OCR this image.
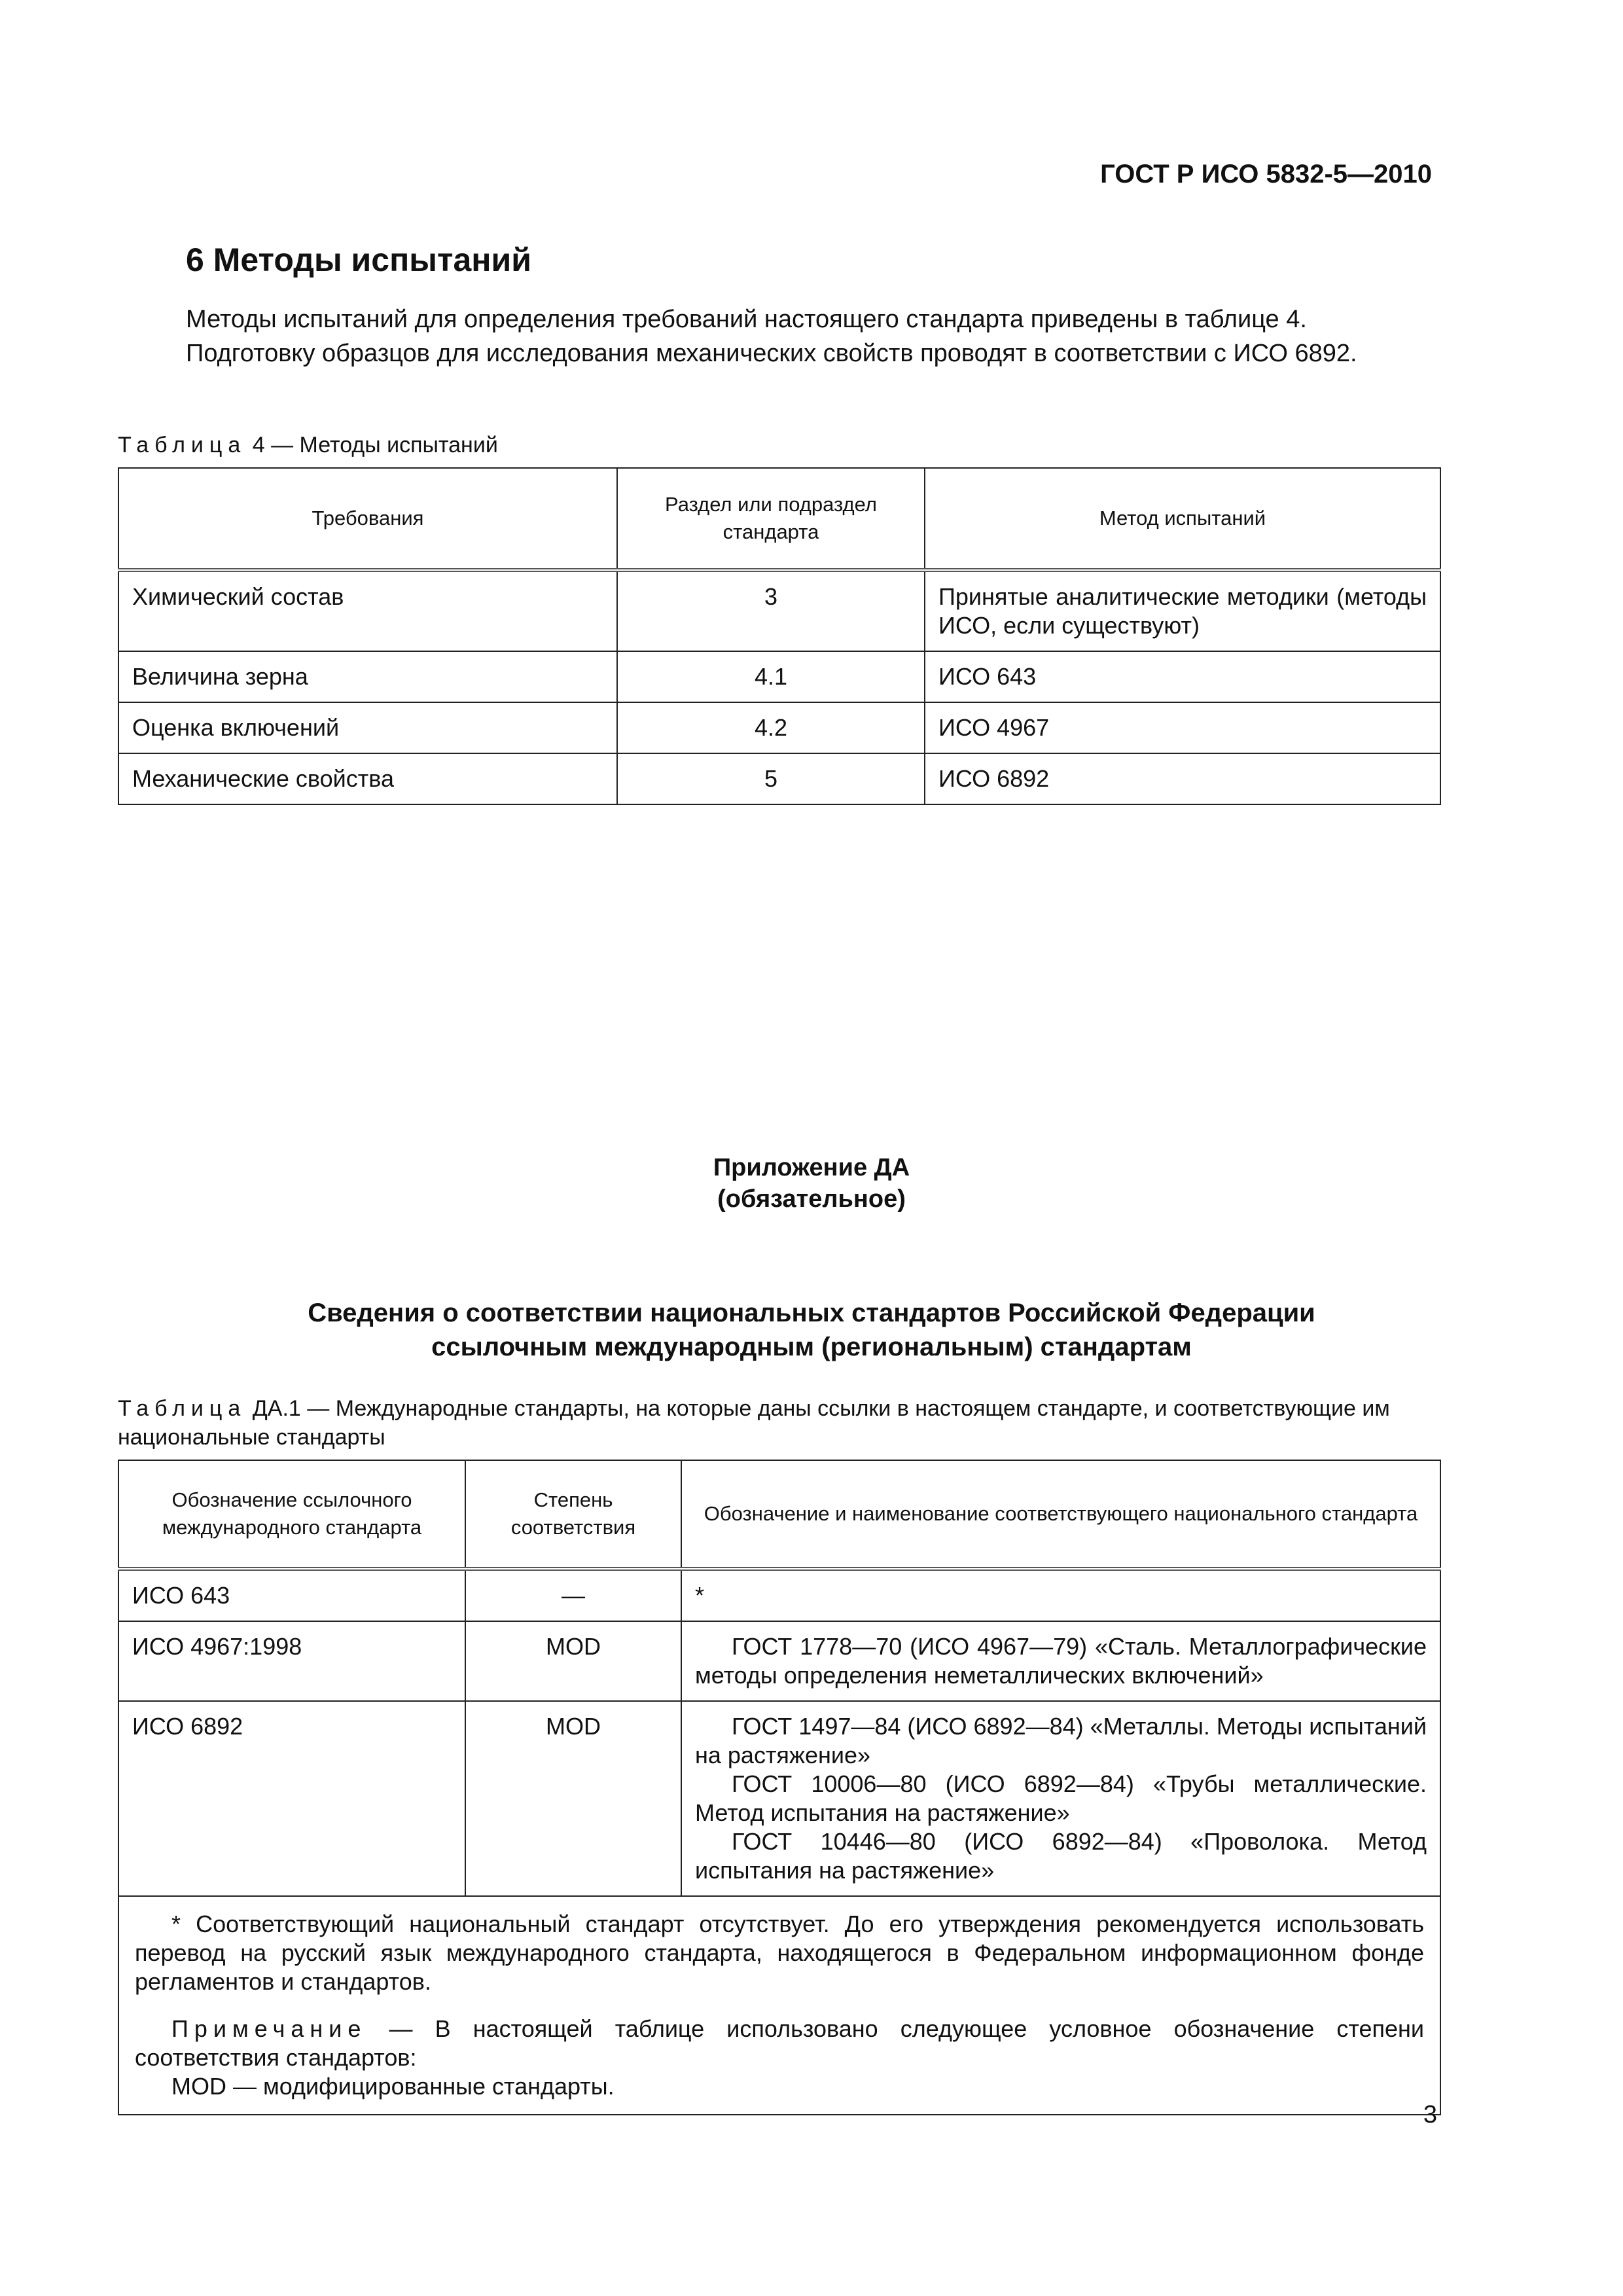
ГОСТ Р ИСО 5832-5—2010

6 Методы испытаний

Методы испытаний для определения требований настоящего стандарта приведены в таблице 4.

Подготовку образцов для исследования механических свойств проводят в соответствии с ИСО 6892.

Таблица 4 — Методы испытаний

Требования	Раздел или подраздел стандарта	Метод испытаний
Химический состав	3	Принятые аналитические методики (методы ИСО, если существуют)
Величина зерна	4.1	ИСО 643
Оценка включений	4.2	ИСО 4967
Механические свойства	5	ИСО 6892
Приложение ДА
(обязательное)
Сведения о соответствии национальных стандартов Российской Федерации
ссылочным международным (региональным) стандартам

Таблица ДА.1 — Международные стандарты, на которые даны ссылки в настоящем стандарте, и соответствующие им национальные стандарты

Обозначение ссылочного международного стандарта	Степень соответствия	Обозначение и наименование соответствующего национального стандарта
ИСО 643	—	*
ИСО 4967:1998	MOD	ГОСТ 1778—70 (ИСО 4967—79) «Сталь. Металлографические методы определения неметаллических включений»

ИСО 6892	MOD	ГОСТ 1497—84 (ИСО 6892—84) «Металлы. Методы испытаний на растяжение»

ГОСТ 10006—80 (ИСО 6892—84) «Трубы металлические. Метод испытания на растяжение»

ГОСТ 10446—80 (ИСО 6892—84) «Проволока. Метод испытания на растяжение»

* Соответствующий национальный стандарт отсутствует. До его утверждения рекомендуется использовать перевод на русский язык международного стандарта, находящегося в Федеральном информационном фонде регламентов и стандартов.

Примечание — В настоящей таблице использовано следующее условное обозначение степени соответствия стандартов:

MOD — модифицированные стандарты.		

3
